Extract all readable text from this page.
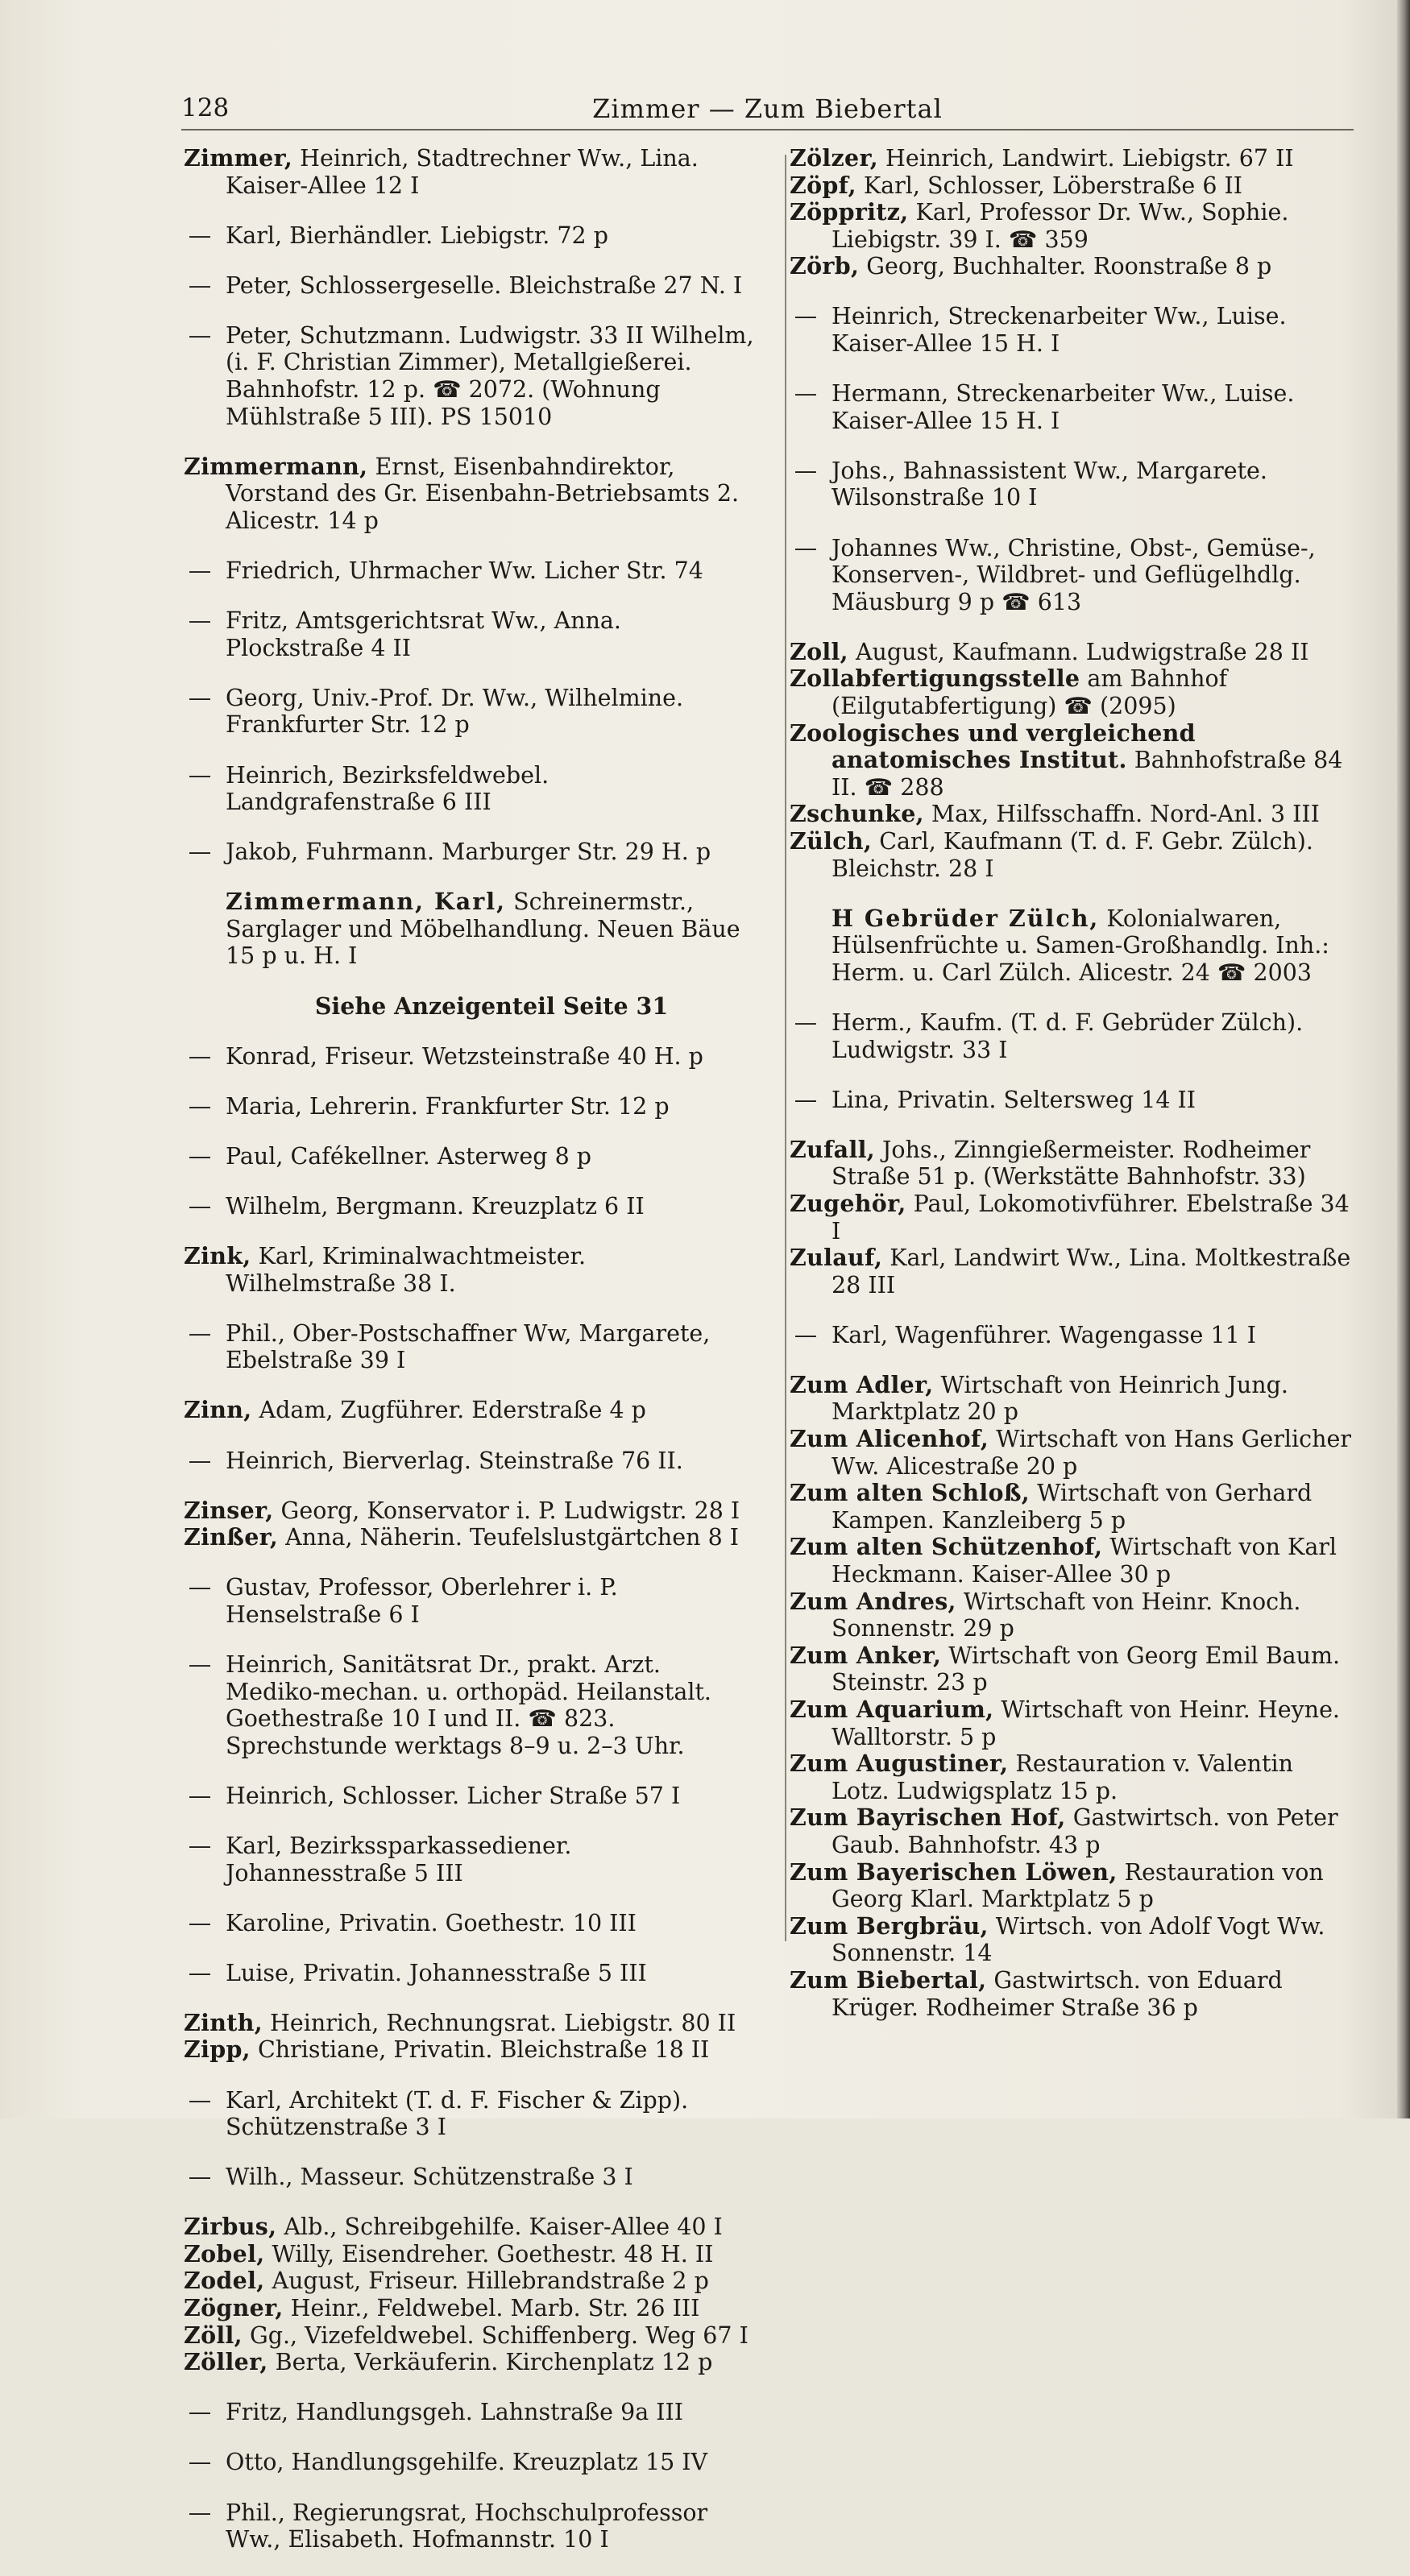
128	Zimmer — Zum Biebertal

Zimmer, Heinrich, Stadtrechner Ww., Lina. Kaiser-Allee 12 I

— Karl, Bierhändler. Liebigstr. 72 p

— Peter, Schlossergeselle. Bleichstraße 27 N. I

— Peter, Schutzmann. Ludwigstr. 33 II Wilhelm, (i. F. Christian Zimmer), Metallgießerei. Bahnhofstr. 12 p. ☎ 2072. (Wohnung Mühlstraße 5 III). PS 15010

Zimmermann, Ernst, Eisenbahndirektor, Vorstand des Gr. Eisenbahn-Betriebsamts 2. Alicestr. 14 p

— Friedrich, Uhrmacher Ww. Licher Str. 74

— Fritz, Amtsgerichtsrat Ww., Anna. Plockstraße 4 II

— Georg, Univ.-Prof. Dr. Ww., Wilhelmine. Frankfurter Str. 12 p

— Heinrich, Bezirksfeldwebel. Landgrafenstraße 6 III

— Jakob, Fuhrmann. Marburger Str. 29 H. p

Zimmermann, Karl, Schreinermstr., Sarglager und Möbelhandlung. Neuen Bäue 15 p u. H. I

Siehe Anzeigenteil Seite 31

— Konrad, Friseur. Wetzsteinstraße 40 H. p

— Maria, Lehrerin. Frankfurter Str. 12 p

— Paul, Cafékellner. Asterweg 8 p

— Wilhelm, Bergmann. Kreuzplatz 6 II

Zink, Karl, Kriminalwachtmeister. Wilhelmstraße 38 I.

— Phil., Ober-Postschaffner Ww, Margarete, Ebelstraße 39 I

Zinn, Adam, Zugführer. Ederstraße 4 p

— Heinrich, Bierverlag. Steinstraße 76 II.

Zinser, Georg, Konservator i. P. Ludwigstr. 28 I

Zinßer, Anna, Näherin. Teufelslustgärtchen 8 I

— Gustav, Professor, Oberlehrer i. P. Henselstraße 6 I

— Heinrich, Sanitätsrat Dr., prakt. Arzt. Mediko-mechan. u. orthopäd. Heilanstalt. Goethestraße 10 I und II. ☎ 823. Sprechstunde werktags 8–9 u. 2–3 Uhr.

— Heinrich, Schlosser. Licher Straße 57 I

— Karl, Bezirkssparkassediener. Johannesstraße 5 III

— Karoline, Privatin. Goethestr. 10 III

— Luise, Privatin. Johannesstraße 5 III

Zinth, Heinrich, Rechnungsrat. Liebigstr. 80 II

Zipp, Christiane, Privatin. Bleichstraße 18 II

— Karl, Architekt (T. d. F. Fischer & Zipp). Schützenstraße 3 I

— Wilh., Masseur. Schützenstraße 3 I

Zirbus, Alb., Schreibgehilfe. Kaiser-Allee 40 I

Zobel, Willy, Eisendreher. Goethestr. 48 H. II

Zodel, August, Friseur. Hillebrandstraße 2 p

Zögner, Heinr., Feldwebel. Marb. Str. 26 III

Zöll, Gg., Vizefeldwebel. Schiffenberg. Weg 67 I

Zöller, Berta, Verkäuferin. Kirchenplatz 12 p

— Fritz, Handlungsgeh. Lahnstraße 9a III

— Otto, Handlungsgehilfe. Kreuzplatz 15 IV

— Phil., Regierungsrat, Hochschulprofessor Ww., Elisabeth. Hofmannstr. 10 I

Zölzer, Heinrich, Landwirt. Liebigstr. 67 II

Zöpf, Karl, Schlosser, Löberstraße 6 II

Zöppritz, Karl, Professor Dr. Ww., Sophie. Liebigstr. 39 I. ☎ 359

Zörb, Georg, Buchhalter. Roonstraße 8 p

— Heinrich, Streckenarbeiter Ww., Luise. Kaiser-Allee 15 H. I

— Hermann, Streckenarbeiter Ww., Luise. Kaiser-Allee 15 H. I

— Johs., Bahnassistent Ww., Margarete. Wilsonstraße 10 I

— Johannes Ww., Christine, Obst-, Gemüse-, Konserven-, Wildbret- und Geflügelhdlg. Mäusburg 9 p ☎ 613

Zoll, August, Kaufmann. Ludwigstraße 28 II

Zollabfertigungsstelle am Bahnhof (Eilgutabfertigung) ☎ (2095)

Zoologisches und vergleichend anatomisches Institut. Bahnhofstraße 84 II. ☎ 288

Zschunke, Max, Hilfsschaffn. Nord-Anl. 3 III

Zülch, Carl, Kaufmann (T. d. F. Gebr. Zülch). Bleichstr. 28 I

H Gebrüder Zülch, Kolonialwaren, Hülsenfrüchte u. Samen-Großhandlg. Inh.: Herm. u. Carl Zülch. Alicestr. 24 ☎ 2003

— Herm., Kaufm. (T. d. F. Gebrüder Zülch). Ludwigstr. 33 I

— Lina, Privatin. Seltersweg 14 II

Zufall, Johs., Zinngießermeister. Rodheimer Straße 51 p. (Werkstätte Bahnhofstr. 33)

Zugehör, Paul, Lokomotivführer. Ebelstraße 34 I

Zulauf, Karl, Landwirt Ww., Lina. Moltkestraße 28 III

— Karl, Wagenführer. Wagengasse 11 I

Zum Adler, Wirtschaft von Heinrich Jung. Marktplatz 20 p

Zum Alicenhof, Wirtschaft von Hans Gerlicher Ww. Alicestraße 20 p

Zum alten Schloß, Wirtschaft von Gerhard Kampen. Kanzleiberg 5 p

Zum alten Schützenhof, Wirtschaft von Karl Heckmann. Kaiser-Allee 30 p

Zum Andres, Wirtschaft von Heinr. Knoch. Sonnenstr. 29 p

Zum Anker, Wirtschaft von Georg Emil Baum. Steinstr. 23 p

Zum Aquarium, Wirtschaft von Heinr. Heyne. Walltorstr. 5 p

Zum Augustiner, Restauration v. Valentin Lotz. Ludwigsplatz 15 p.

Zum Bayrischen Hof, Gastwirtsch. von Peter Gaub. Bahnhofstr. 43 p

Zum Bayerischen Löwen, Restauration von Georg Klarl. Marktplatz 5 p

Zum Bergbräu, Wirtsch. von Adolf Vogt Ww. Sonnenstr. 14

Zum Biebertal, Gastwirtsch. von Eduard Krüger. Rodheimer Straße 36 p
